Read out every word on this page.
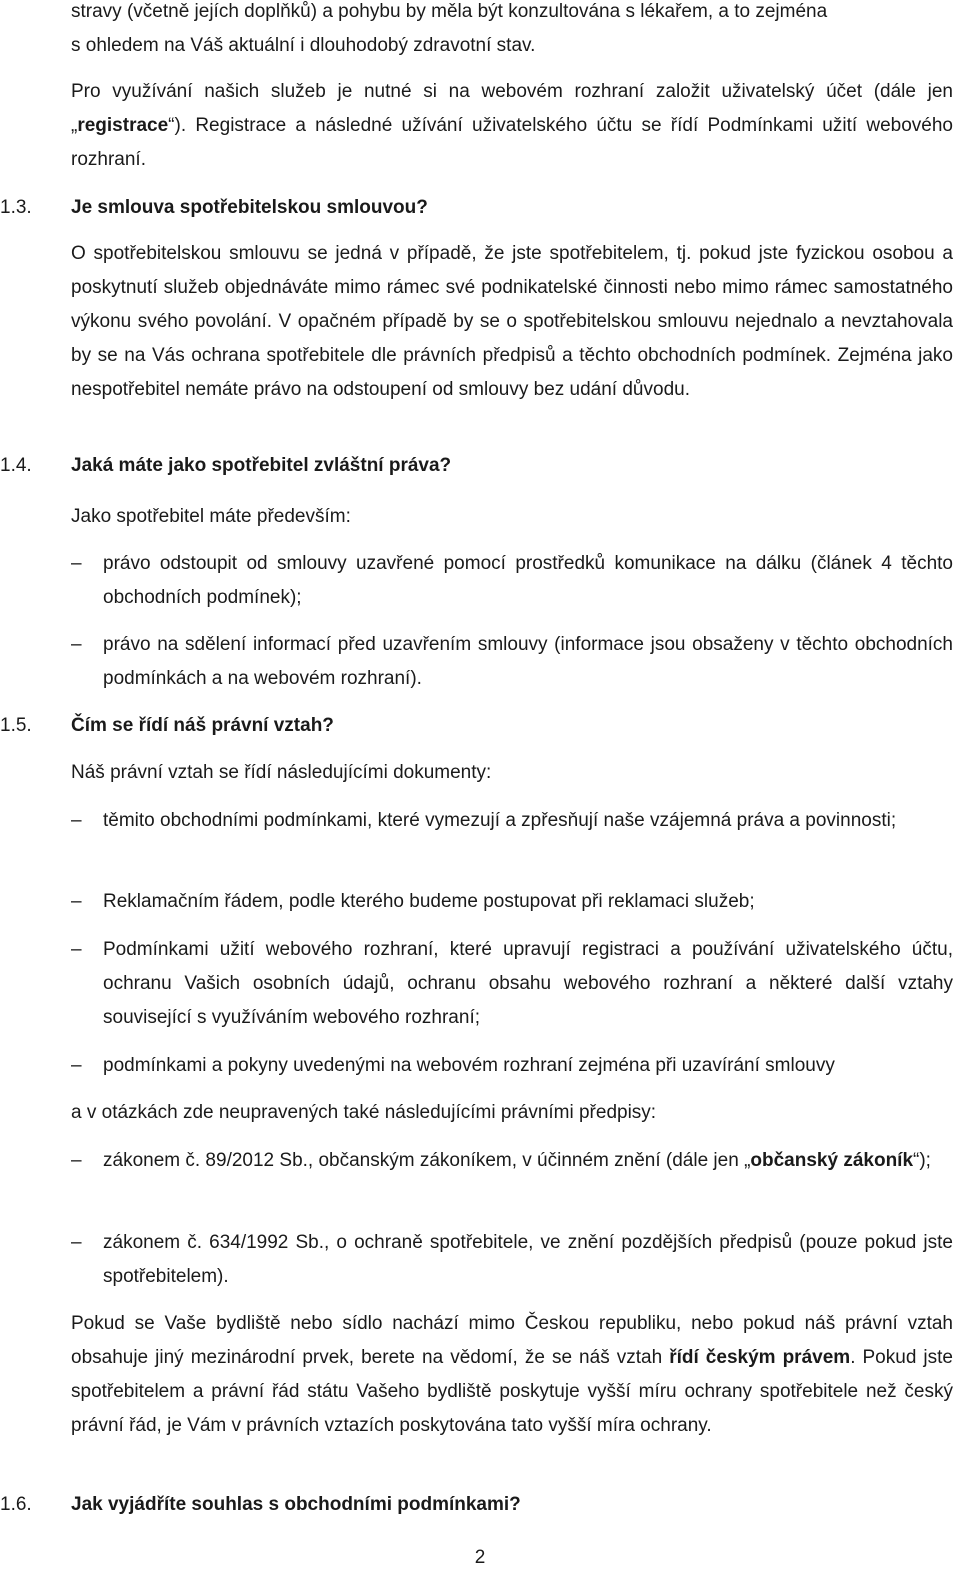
stravy (včetně jejích doplňků) a pohybu by měla být konzultována s lékařem, a to zejména

s ohledem na Váš aktuální i dlouhodobý zdravotní stav.

Pro využívání našich služeb je nutné si na webovém rozhraní založit uživatelský účet (dále jen „registrace“). Registrace a následné užívání uživatelského účtu se řídí Podmínkami užití webového rozhraní.

1.3.	Je smlouva spotřebitelskou smlouvou?

O spotřebitelskou smlouvu se jedná v případě, že jste spotřebitelem, tj. pokud jste fyzickou osobou a poskytnutí služeb objednáváte mimo rámec své podnikatelské činnosti nebo mimo rámec samostatného výkonu svého povolání. V opačném případě by se o spotřebitelskou smlouvu nejednalo a nevztahovala by se na Vás ochrana spotřebitele dle právních předpisů a těchto obchodních podmínek. Zejména jako nespotřebitel nemáte právo na odstoupení od smlouvy bez udání důvodu.

1.4.	Jaká máte jako spotřebitel zvláštní práva?

Jako spotřebitel máte především:

–	právo odstoupit od smlouvy uzavřené pomocí prostředků komunikace na dálku (článek 4 těchto obchodních podmínek);
–	právo na sdělení informací před uzavřením smlouvy (informace jsou obsaženy v těchto obchodních podmínkách a na webovém rozhraní).
1.5.	Čím se řídí náš právní vztah?

Náš právní vztah se řídí následujícími dokumenty:

–	těmito obchodními podmínkami, které vymezují a zpřesňují naše vzájemná práva a povinnosti;
–	Reklamačním řádem, podle kterého budeme postupovat při reklamaci služeb;
–	Podmínkami užití webového rozhraní, které upravují registraci a používání uživatelského účtu, ochranu Vašich osobních údajů, ochranu obsahu webového rozhraní a některé další vztahy související s využíváním webového rozhraní;
–	podmínkami a pokyny uvedenými na webovém rozhraní zejména při uzavírání smlouvy

a v otázkách zde neupravených také následujícími právními předpisy:

–	zákonem č. 89/2012 Sb., občanským zákoníkem, v účinném znění (dále jen „občanský zákoník“);
–	zákonem č. 634/1992 Sb., o ochraně spotřebitele, ve znění pozdějších předpisů (pouze pokud jste spotřebitelem).

Pokud se Vaše bydliště nebo sídlo nachází mimo Českou republiku, nebo pokud náš právní vztah obsahuje jiný mezinárodní prvek, berete na vědomí, že se náš vztah řídí českým právem. Pokud jste spotřebitelem a právní řád státu Vašeho bydliště poskytuje vyšší míru ochrany spotřebitele než český právní řád, je Vám v právních vztazích poskytována tato vyšší míra ochrany.

1.6.	Jak vyjádříte souhlas s obchodními podmínkami?
2
